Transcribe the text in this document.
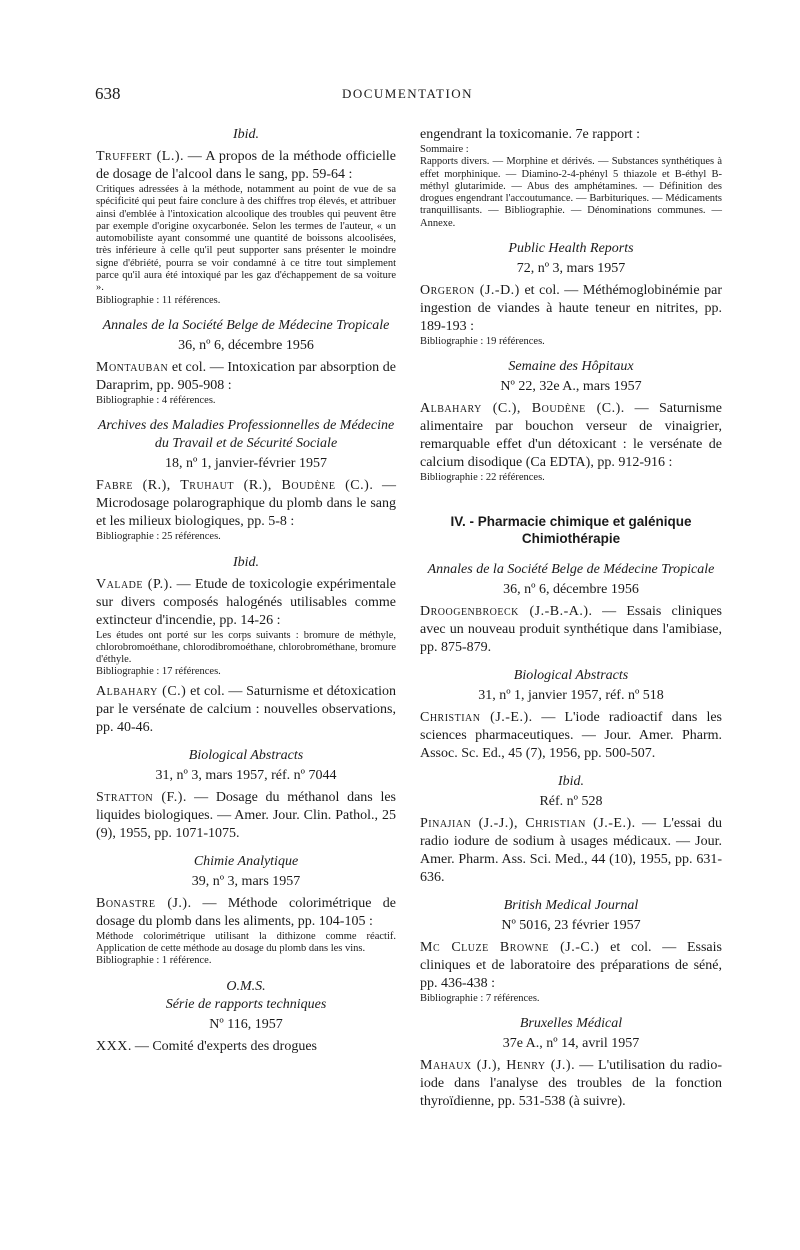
638	DOCUMENTATION

Ibid.

Truffert (L.). — A propos de la méthode officielle de dosage de l'alcool dans le sang, pp. 59-64 :

Critiques adressées à la méthode, notamment au point de vue de sa spécificité qui peut faire conclure à des chiffres trop élevés, et attribuer ainsi d'emblée à l'intoxication alcoolique des troubles qui peuvent être par exemple d'origine oxycarbonée. Selon les termes de l'auteur, « un automobiliste ayant consommé une quantité de boissons alcoolisées, très inférieure à celle qu'il peut supporter sans présenter le moindre signe d'ébriété, pourra se voir condamné à ce titre tout simplement parce qu'il aura été intoxiqué par les gaz d'échappement de sa voiture ».

Bibliographie : 11 références.

Annales de la Société Belge de Médecine Tropicale

36, nº 6, décembre 1956

Montauban et col. — Intoxication par absorption de Daraprim, pp. 905-908 :

Bibliographie : 4 références.

Archives des Maladies Professionnelles de Médecine du Travail et de Sécurité Sociale

18, nº 1, janvier-février 1957

Fabre (R.), Truhaut (R.), Boudène (C.). — Microdosage polarographique du plomb dans le sang et les milieux biologiques, pp. 5-8 :

Bibliographie : 25 références.

Ibid.

Valade (P.). — Etude de toxicologie expérimentale sur divers composés halogénés utilisables comme extincteur d'incendie, pp. 14-26 :

Les études ont porté sur les corps suivants : bromure de méthyle, chlorobromoéthane, chlorodibromoéthane, chlorobrométhane, bromure d'éthyle.

Bibliographie : 17 références.

Albahary (C.) et col. — Saturnisme et détoxication par le versénate de calcium : nouvelles observations, pp. 40-46.

Biological Abstracts

31, nº 3, mars 1957, réf. nº 7044

Stratton (F.). — Dosage du méthanol dans les liquides biologiques. — Amer. Jour. Clin. Pathol., 25 (9), 1955, pp. 1071-1075.

Chimie Analytique

39, nº 3, mars 1957

Bonastre (J.). — Méthode colorimétrique de dosage du plomb dans les aliments, pp. 104-105 :

Méthode colorimétrique utilisant la dithizone comme réactif. Application de cette méthode au dosage du plomb dans les vins.

Bibliographie : 1 référence.

O.M.S.

Série de rapports techniques

Nº 116, 1957

XXX. — Comité d'experts des drogues

engendrant la toxicomanie. 7e rapport :

Sommaire :

Rapports divers. — Morphine et dérivés. — Substances synthétiques à effet morphinique. — Diamino-2-4-phényl 5 thiazole et B-éthyl B-méthyl glutarimide. — Abus des amphétamines. — Définition des drogues engendrant l'accoutumance. — Barbituriques. — Médicaments tranquillisants. — Bibliographie. — Dénominations communes. — Annexe.

Public Health Reports

72, nº 3, mars 1957

Orgeron (J.-D.) et col. — Méthémoglobinémie par ingestion de viandes à haute teneur en nitrites, pp. 189-193 :

Bibliographie : 19 références.

Semaine des Hôpitaux

Nº 22, 32e A., mars 1957

Albahary (C.), Boudène (C.). — Saturnisme alimentaire par bouchon verseur de vinaigrier, remarquable effet d'un détoxicant : le versénate de calcium disodique (Ca EDTA), pp. 912-916 :

Bibliographie : 22 références.

IV. - Pharmacie chimique et galénique

Chimiothérapie

Annales de la Société Belge de Médecine Tropicale

36, nº 6, décembre 1956

Droogenbroeck (J.-B.-A.). — Essais cliniques avec un nouveau produit synthétique dans l'amibiase, pp. 875-879.

Biological Abstracts

31, nº 1, janvier 1957, réf. nº 518

Christian (J.-E.). — L'iode radioactif dans les sciences pharmaceutiques. — Jour. Amer. Pharm. Assoc. Sc. Ed., 45 (7), 1956, pp. 500-507.

Ibid.

Réf. nº 528

Pinajian (J.-J.), Christian (J.-E.). — L'essai du radio iodure de sodium à usages médicaux. — Jour. Amer. Pharm. Ass. Sci. Med., 44 (10), 1955, pp. 631-636.

British Medical Journal

Nº 5016, 23 février 1957

Mc Cluze Browne (J.-C.) et col. — Essais cliniques et de laboratoire des préparations de séné, pp. 436-438 :

Bibliographie : 7 références.

Bruxelles Médical

37e A., nº 14, avril 1957

Mahaux (J.), Henry (J.). — L'utilisation du radio-iode dans l'analyse des troubles de la fonction thyroïdienne, pp. 531-538 (à suivre).
